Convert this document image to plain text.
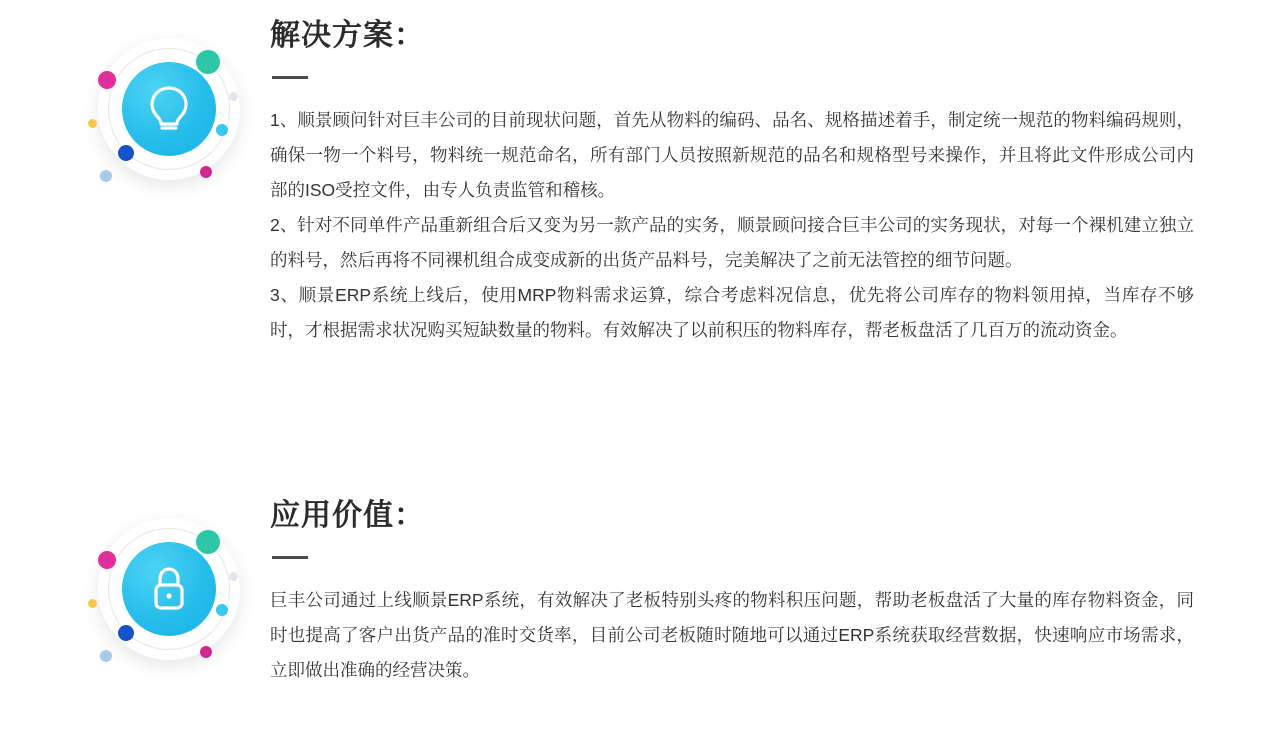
解决方案：

1、顺景顾问针对巨丰公司的目前现状问题，首先从物料的编码、品名、规格描述着手，制定统一规范的物料编码规则，确保一物一个料号，物料统一规范命名，所有部门人员按照新规范的品名和规格型号来操作，并且将此文件形成公司内部的ISO受控文件，由专人负责监管和稽核。

2、针对不同单件产品重新组合后又变为另一款产品的实务，顺景顾问接合巨丰公司的实务现状，对每一个裸机建立独立的料号，然后再将不同裸机组合成变成新的出货产品料号，完美解决了之前无法管控的细节问题。

3、顺景ERP系统上线后，使用MRP物料需求运算，综合考虑料况信息，优先将公司库存的物料领用掉，当库存不够时，才根据需求状况购买短缺数量的物料。有效解决了以前积压的物料库存，帮老板盘活了几百万的流动资金。

应用价值：

巨丰公司通过上线顺景ERP系统，有效解决了老板特别头疼的物料积压问题，帮助老板盘活了大量的库存物料资金，同时也提高了客户出货产品的准时交货率，目前公司老板随时随地可以通过ERP系统获取经营数据，快速响应市场需求，立即做出准确的经营决策。
